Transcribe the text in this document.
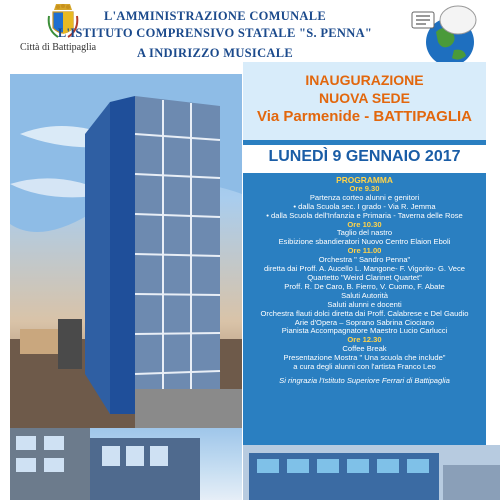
Città di Battipaglia
L'AMMINISTRAZIONE COMUNALE
L'ISTITUTO COMPRENSIVO STATALE "S. PENNA"
A INDIRIZZO MUSICALE
INAUGURAZIONE
NUOVA SEDE
Via Parmenide - BATTIPAGLIA
LUNEDÌ 9 GENNAIO 2017
PROGRAMMA
Ore 9.30
Partenza corteo alunni e genitori
• dalla Scuola sec. I grado - Via R. Jemma
• dalla Scuola dell'Infanzia e Primaria - Taverna delle Rose
Ore 10.30
Taglio del nastro
Esibizione sbandieratori Nuovo Centro Elaion Eboli
Ore 11.00
Orchestra " Sandro Penna"
diretta dai Proff. A. Aucello L. Mangone- F. Vigorito- G. Vece
Quartetto "Weird Clarinet Quartet"
Proff. R. De Caro, B. Fierro, V. Cuomo, F. Abate
Saluti Autorità
Saluti alunni e docenti
Orchestra flauti dolci diretta dai Proff. Calabrese e Del Gaudio
Arie d'Opera – Soprano Sabrina Ciociano
Pianista Accompagnatore Maestro Lucio Carlucci
Ore 12.30
Coffee Break
Presentazione Mostra " Una scuola che include"
a cura degli alunni con l'artista Franco Leo
Si ringrazia l'Istituto Superiore Ferrari di Battipaglia
